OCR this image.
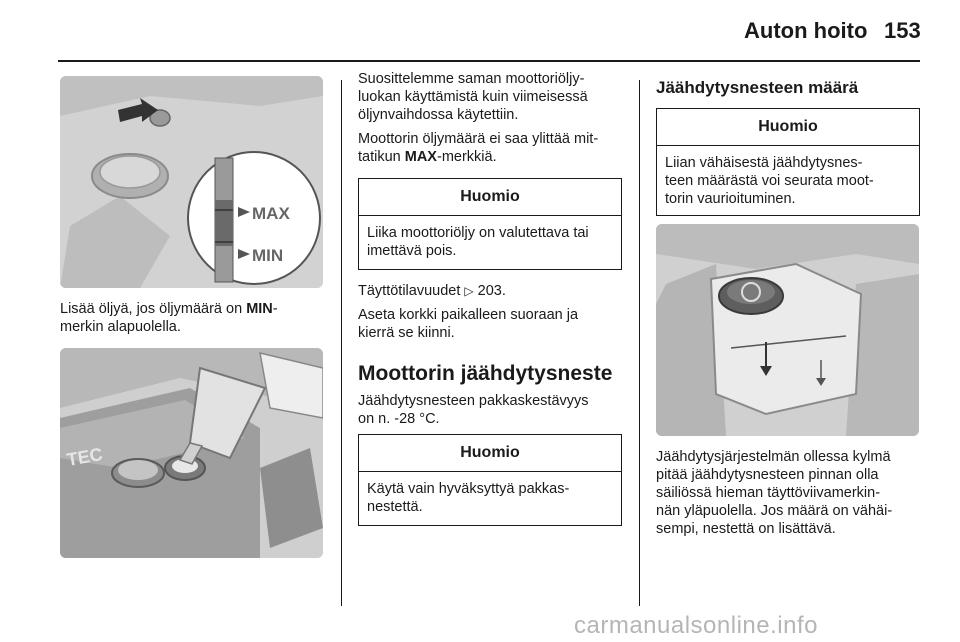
Auton hoito 153
MAX
MIN

Lisää öljyä, jos öljymäärä on MIN-
merkin alapuolella.

TEC

Suosittelemme saman moottoriöljy-
luokan käyttämistä kuin viimeisessä
öljynvaihdossa käytettiin.

Moottorin öljymäärä ei saa ylittää mit-
tatikun MAX-merkkiä.

Huomio
Liika moottoriöljy on valutettava tai
imettävä pois.

Täyttötilavuudet ▷ 203.

Aseta korkki paikalleen suoraan ja
kierrä se kiinni.

Moottorin jäähdytysneste

Jäähdytysnesteen pakkaskestävyys
on n. -28 °C.

Huomio
Käytä vain hyväksyttyä pakkas-
nestettä.
Jäähdytysnesteen määrä
Huomio
Liian vähäisestä jäähdytysnes-
teen määrästä voi seurata moot-
torin vaurioituminen.

Jäähdytysjärjestelmän ollessa kylmä
pitää jäähdytysnesteen pinnan olla
säiliössä hieman täyttöviivamerkin-
nän yläpuolella. Jos määrä on vähäi-
sempi, nestettä on lisättävä.

carmanualsonline.info
